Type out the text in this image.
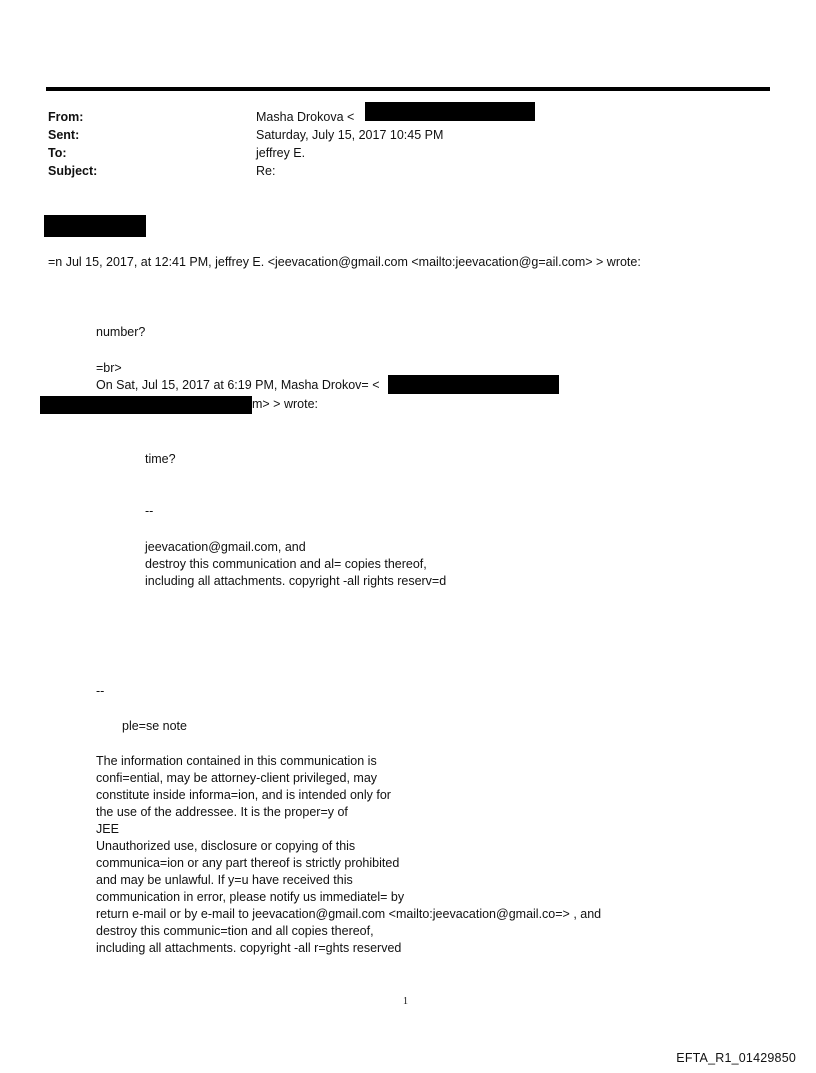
From:	Masha Drokova <
Sent:	Saturday, July 15, 2017 10:45 PM
To:	jeffrey E.
Subject:	Re:
=n Jul 15, 2017, at 12:41 PM, jeffrey E. <jeevacation@gmail.com <mailto:jeevacation@g=ail.com> > wrote:
number?
=br>
On Sat, Jul 15, 2017 at 6:19 PM, Masha Drokov= <
m> > wrote:
time?
--
jeevacation@gmail.com, and
destroy this communication and al= copies thereof,
including all attachments. copyright -all rights reserv=d
--
ple=se note
The information contained in this communication is
confi=ential, may be attorney-client privileged, may
constitute inside informa=ion, and is intended only for
the use of the addressee. It is the proper=y of
JEE
Unauthorized use, disclosure or copying of this
communica=ion or any part thereof is strictly prohibited
and may be unlawful. If y=u have received this
communication in error, please notify us immediatel= by
return e-mail or by e-mail to jeevacation@gmail.com <mailto:jeevacation@gmail.co=> , and
destroy this communic=tion and all copies thereof,
including all attachments. copyright -all r=ghts reserved
1
EFTA_R1_01429850
